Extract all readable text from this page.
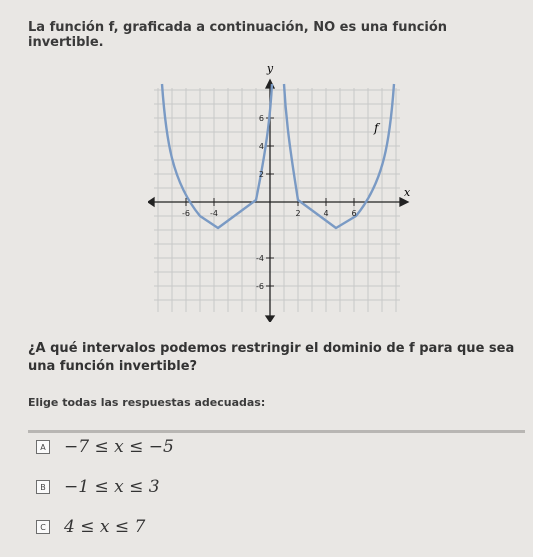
La función f, graficada a continuación, NO es una función invertible.
y
x
f
-6	-4	2	4	6
6
4
2
-4
-6
¿A qué intervalos podemos restringir el dominio de f para que sea una función invertible?
Elige todas las respuestas adecuadas:
A −7 ≤ x ≤ −5
B −1 ≤ x ≤ 3
C 4 ≤ x ≤ 7
